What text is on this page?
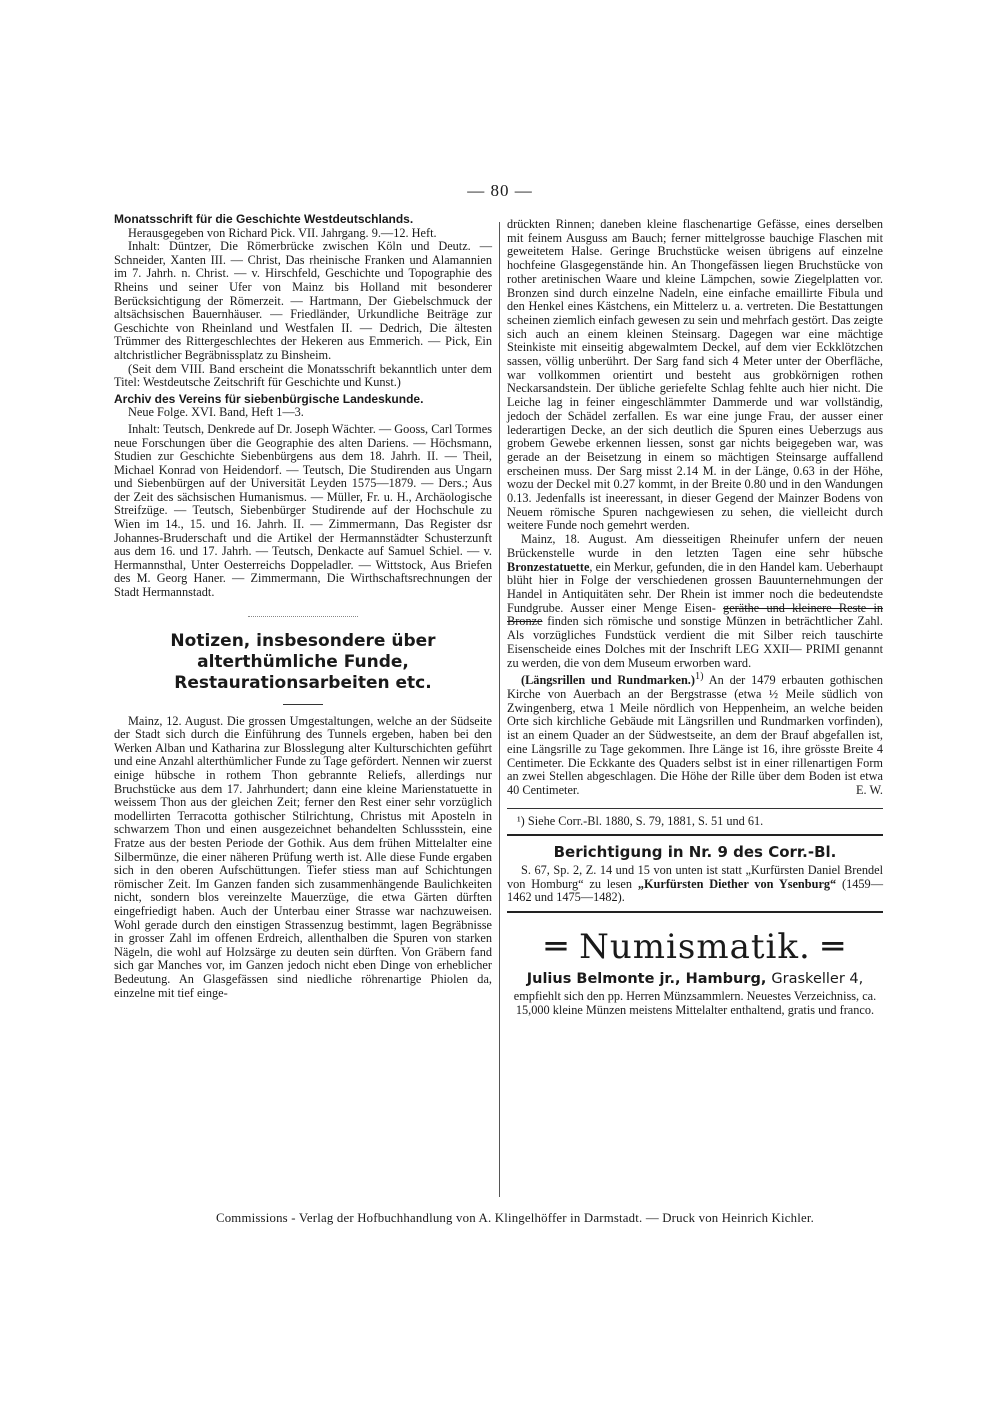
— 80 —

Monatsschrift für die Geschichte Westdeutschlands.

Herausgegeben von Richard Pick. VII. Jahrgang. 9.—12. Heft.

Inhalt: Düntzer, Die Römerbrücke zwischen Köln und Deutz. — Schneider, Xanten III. — Christ, Das rheinische Franken und Alamannien im 7. Jahrh. n. Christ. — v. Hirschfeld, Geschichte und Topographie des Rheins und seiner Ufer von Mainz bis Holland mit besonderer Berücksichtigung der Römerzeit. — Hartmann, Der Giebelschmuck der altsächsischen Bauernhäuser. — Friedländer, Urkundliche Beiträge zur Geschichte von Rheinland und Westfalen II. — Dedrich, Die ältesten Trümmer des Rittergeschlechtes der Hekeren aus Emmerich. — Pick, Ein altchristlicher Begräbnissplatz zu Binsheim.

(Seit dem VIII. Band erscheint die Monatsschrift bekanntlich unter dem Titel: Westdeutsche Zeitschrift für Geschichte und Kunst.)

Archiv des Vereins für siebenbürgische Landeskunde.

Neue Folge. XVI. Band, Heft 1—3.

Inhalt: Teutsch, Denkrede auf Dr. Joseph Wächter. — Gooss, Carl Tormes neue Forschungen über die Geographie des alten Dariens. — Höchsmann, Studien zur Geschichte Siebenbürgens aus dem 18. Jahrh. II. — Theil, Michael Konrad von Heidendorf. — Teutsch, Die Studirenden aus Ungarn und Siebenbürgen auf der Universität Leyden 1575—1879. — Ders.; Aus der Zeit des sächsischen Humanismus. — Müller, Fr. u. H., Archäologische Streifzüge. — Teutsch, Siebenbürger Studirende auf der Hochschule zu Wien im 14., 15. und 16. Jahrh. II. — Zimmermann, Das Register dsr Johannes-Bruderschaft und die Artikel der Hermannstädter Schusterzunft aus dem 16. und 17. Jahrh. — Teutsch, Denkacte auf Samuel Schiel. — v. Hermannsthal, Unter Oesterreichs Doppeladler. — Wittstock, Aus Briefen des M. Georg Haner. — Zimmermann, Die Wirthschaftsrechnungen der Stadt Hermannstadt.

Notizen, insbesondere über alterthümliche Funde, Restaurationsarbeiten etc.

Mainz, 12. August. Die grossen Umgestaltungen, welche an der Südseite der Stadt sich durch die Einführung des Tunnels ergeben, haben bei den Werken Alban und Katharina zur Blosslegung alter Kulturschichten geführt und eine Anzahl alterthümlicher Funde zu Tage gefördert. Nennen wir zuerst einige hübsche in rothem Thon gebrannte Reliefs, allerdings nur Bruchstücke aus dem 17. Jahrhundert; dann eine kleine Marienstatuette in weissem Thon aus der gleichen Zeit; ferner den Rest einer sehr vorzüglich modellirten Terracotta gothischer Stilrichtung, Christus mit Aposteln in schwarzem Thon und einen ausgezeichnet behandelten Schlussstein, eine Fratze aus der besten Periode der Gothik. Aus dem frühen Mittelalter eine Silbermünze, die einer näheren Prüfung werth ist. Alle diese Funde ergaben sich in den oberen Aufschüttungen. Tiefer stiess man auf Schichtungen römischer Zeit. Im Ganzen fanden sich zusammenhängende Baulichkeiten nicht, sondern blos vereinzelte Mauerzüge, die etwa Gärten dürften eingefriedigt haben. Auch der Unterbau einer Strasse war nachzuweisen. Wohl gerade durch den einstigen Strassenzug bestimmt, lagen Begräbnisse in grosser Zahl im offenen Erdreich, allenthalben die Spuren von starken Nägeln, die wohl auf Holzsärge zu deuten sein dürften. Von Gräbern fand sich gar Manches vor, im Ganzen jedoch nicht eben Dinge von erheblicher Bedeutung. An Glasgefässen sind niedliche röhrenartige Phiolen da, einzelne mit tief einge-

drückten Rinnen; daneben kleine flaschenartige Gefässe, eines derselben mit feinem Ausguss am Bauch; ferner mittelgrosse bauchige Flaschen mit geweitetem Halse. Geringe Bruchstücke weisen übrigens auf einzelne hochfeine Glasgegenstände hin. An Thongefässen liegen Bruchstücke von rother aretinischen Waare und kleine Lämpchen, sowie Ziegelplatten vor. Bronzen sind durch einzelne Nadeln, eine einfache emaillirte Fibula und den Henkel eines Kästchens, ein Mittelerz u. a. vertreten. Die Bestattungen scheinen ziemlich einfach gewesen zu sein und mehrfach gestört. Das zeigte sich auch an einem kleinen Steinsarg. Dagegen war eine mächtige Steinkiste mit einseitig abgewalmtem Deckel, auf dem vier Eckklötzchen sassen, völlig unberührt. Der Sarg fand sich 4 Meter unter der Oberfläche, war vollkommen orientirt und besteht aus grobkörnigen rothen Neckarsandstein. Der übliche geriefelte Schlag fehlte auch hier nicht. Die Leiche lag in feiner eingeschlämmter Dammerde und war vollständig, jedoch der Schädel zerfallen. Es war eine junge Frau, der ausser einer lederartigen Decke, an der sich deutlich die Spuren eines Ueberzugs aus grobem Gewebe erkennen liessen, sonst gar nichts beigegeben war, was gerade an der Beisetzung in einem so mächtigen Steinsarge auffallend erscheinen muss. Der Sarg misst 2.14 M. in der Länge, 0.63 in der Höhe, wozu der Deckel mit 0.27 kommt, in der Breite 0.80 und in den Wandungen 0.13. Jedenfalls ist ineeressant, in dieser Gegend der Mainzer Bodens von Neuem römische Spuren nachgewiesen zu sehen, die vielleicht durch weitere Funde noch gemehrt werden.

Mainz, 18. August. Am diesseitigen Rheinufer unfern der neuen Brückenstelle wurde in den letzten Tagen eine sehr hübsche Bronzestatuette, ein Merkur, gefunden, die in den Handel kam. Ueberhaupt blüht hier in Folge der verschiedenen grossen Bauunternehmungen der Handel in Antiquitäten sehr. Der Rhein ist immer noch die bedeutendste Fundgrube. Ausser einer Menge Eisen- geräthe und kleinere Reste in Bronze finden sich römische und sonstige Münzen in beträchtlicher Zahl. Als vorzügliches Fundstück verdient die mit Silber reich tauschirte Eisenscheide eines Dolches mit der Inschrift LEG XXII— PRIMI genannt zu werden, die von dem Museum erworben ward.

(Längsrillen und Rundmarken.)$^{1)}$ An der 1479 erbauten gothischen Kirche von Auerbach an der Bergstrasse (etwa ½ Meile südlich von Zwingenberg, etwa 1 Meile nördlich von Heppenheim, an welche beiden Orte sich kirchliche Gebäude mit Längsrillen und Rundmarken vorfinden), ist an einem Quader an der Südwestseite, an dem der Brauf abgefallen ist, eine Längsrille zu Tage gekommen. Ihre Länge ist 16, ihre grösste Breite 4 Centimeter. Die Eckkante des Quaders selbst ist in einer rillenartigen Form an zwei Stellen abgeschlagen. Die Höhe der Rille über dem Boden ist etwa 40 Centimeter.	E. W.

¹) Siehe Corr.-Bl. 1880, S. 79, 1881, S. 51 und 61.

Berichtigung in Nr. 9 des Corr.-Bl.

S. 67, Sp. 2, Z. 14 und 15 von unten ist statt „Kurfürsten Daniel Brendel von Homburg“ zu lesen „Kurfürsten Diether von Ysenburg“ (1459—1462 und 1475—1482).

═ Numismatik. ═

Julius Belmonte jr., Hamburg, Graskeller 4,

empfiehlt sich den pp. Herren Münzsammlern. Neuestes Verzeichniss, ca. 15,000 kleine Münzen meistens Mittelalter enthaltend, gratis und franco.

Commissions - Verlag der Hofbuchhandlung von A. Klingelhöffer in Darmstadt. — Druck von Heinrich Kichler.
